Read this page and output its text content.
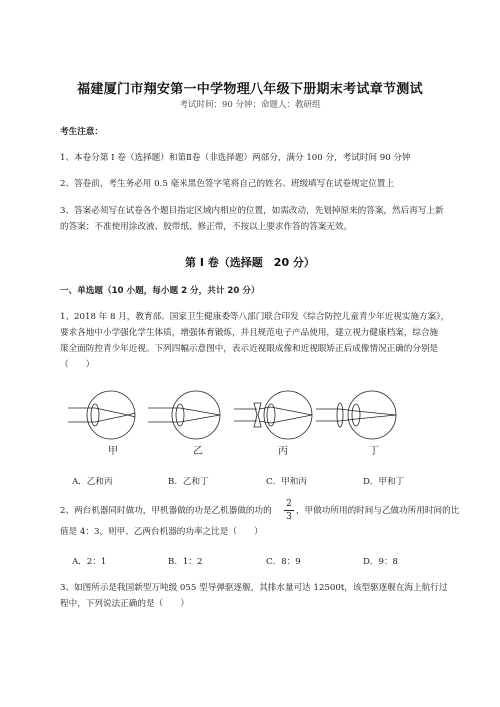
福建厦门市翔安第一中学物理八年级下册期末考试章节测试
考试时间：90 分钟；命题人：教研组
考生注意：
1、本卷分第 I 卷（选择题）和第Ⅱ卷（非选择题）两部分，满分 100 分，考试时间 90 分钟
2、答卷前，考生务必用 0.5 毫米黑色签字笔将自己的姓名、班级填写在试卷规定位置上
3、答案必须写在试卷各个题目指定区域内相应的位置，如需改动，先划掉原来的答案，然后再写上新
的答案；不准使用涂改液、胶带纸、修正带，不按以上要求作答的答案无效。
第 I 卷（选择题　20 分）
一、单选题（10 小题，每小题 2 分，共计 20 分）
1、2018 年 8 月，教育部、国家卫生健康委等八部门联合印发《综合防控儿童青少年近视实施方案》，
要求各地中小学强化学生体质，增强体育锻炼，并且规范电子产品使用，建立视力健康档案，综合施
策全面防控青少年近视。下列四幅示意图中，表示近视眼成像和近视眼矫正后成像情况正确的分别是
（　　）
甲	乙	丙	丁
A．乙和丙	B．乙和丁	C．甲和丙	D．甲和丁
2、两台机器同时做功，甲机器做的功是乙机器做的功的
2
3
，甲做功所用的时间与乙做功所用时间的比
值是 4：3，则甲、乙两台机器的功率之比是（　　）
A．2：1	B．1：2	C．8：9	D．9：8
3、如图所示是我国新型万吨级 055 型导弹驱逐舰，其排水量可达 12500t，该型驱逐舰在海上航行过
程中，下列说法正确的是（　　）
